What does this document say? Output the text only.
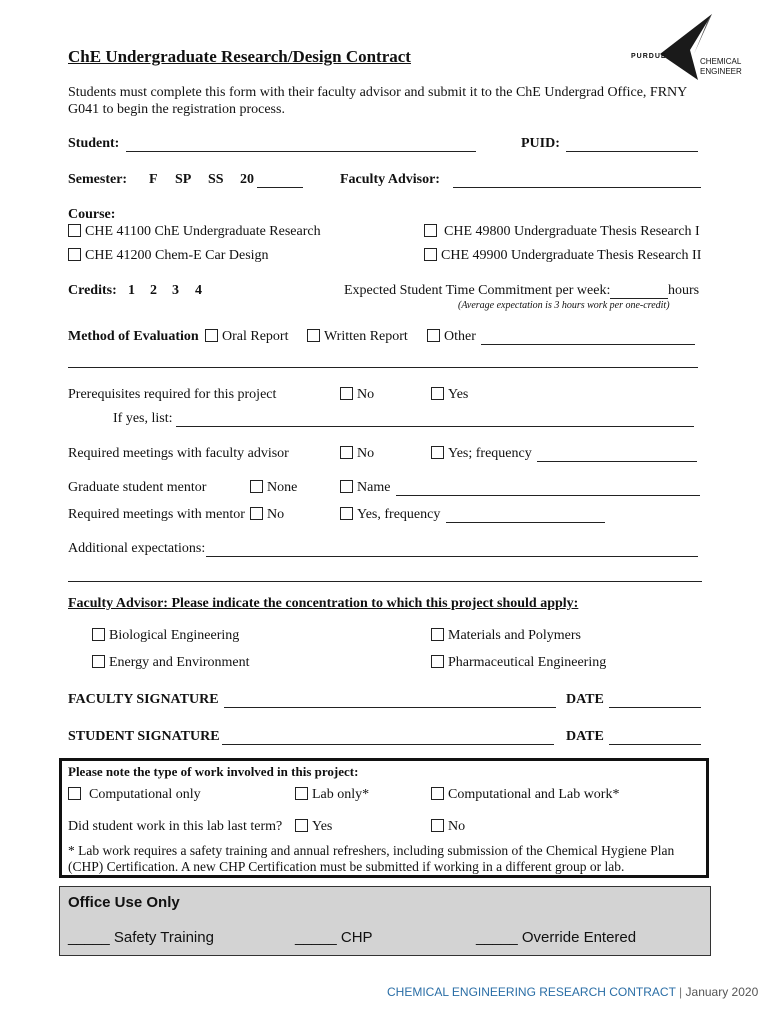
ChE Undergraduate Research/Design Contract	PURDUE
CHEMICAL
ENGINEER
Students must complete this form with their faculty advisor and submit it to the ChE Undergrad Office, FRNY
G041 to begin the registration process.
Student:	PUID:
Semester: F SP SS 20	Faculty Advisor:
Course:
CHE 41100 ChE Undergraduate Research	CHE 49800 Undergraduate Thesis Research I
CHE 41200 Chem-E Car Design	CHE 49900 Undergraduate Thesis Research II
Credits: 1 2 3 4	Expected Student Time Commitment per week:	hours
(Average expectation is 3 hours work per one-credit)
Method of Evaluation	Oral Report	Written Report	Other
Prerequisites required for this project	No	Yes
If yes, list:
Required meetings with faculty advisor	No	Yes; frequency
Graduate student mentor	None	Name
Required meetings with mentor	No	Yes, frequency
Additional expectations:
Faculty Advisor: Please indicate the concentration to which this project should apply:
Biological Engineering	Materials and Polymers
Energy and Environment	Pharmaceutical Engineering
FACULTY SIGNATURE	DATE
STUDENT SIGNATURE	DATE
Please note the type of work involved in this project:
Computational only	Lab only*	Computational and Lab work*
Did student work in this lab last term?	Yes	No
* Lab work requires a safety training and annual refreshers, including submission of the Chemical Hygiene Plan
(CHP) Certification. A new CHP Certification must be submitted if working in a different group or lab.
Office Use Only
_____ Safety Training	_____ CHP	_____ Override Entered
CHEMICAL ENGINEERING RESEARCH CONTRACT | January 2020
